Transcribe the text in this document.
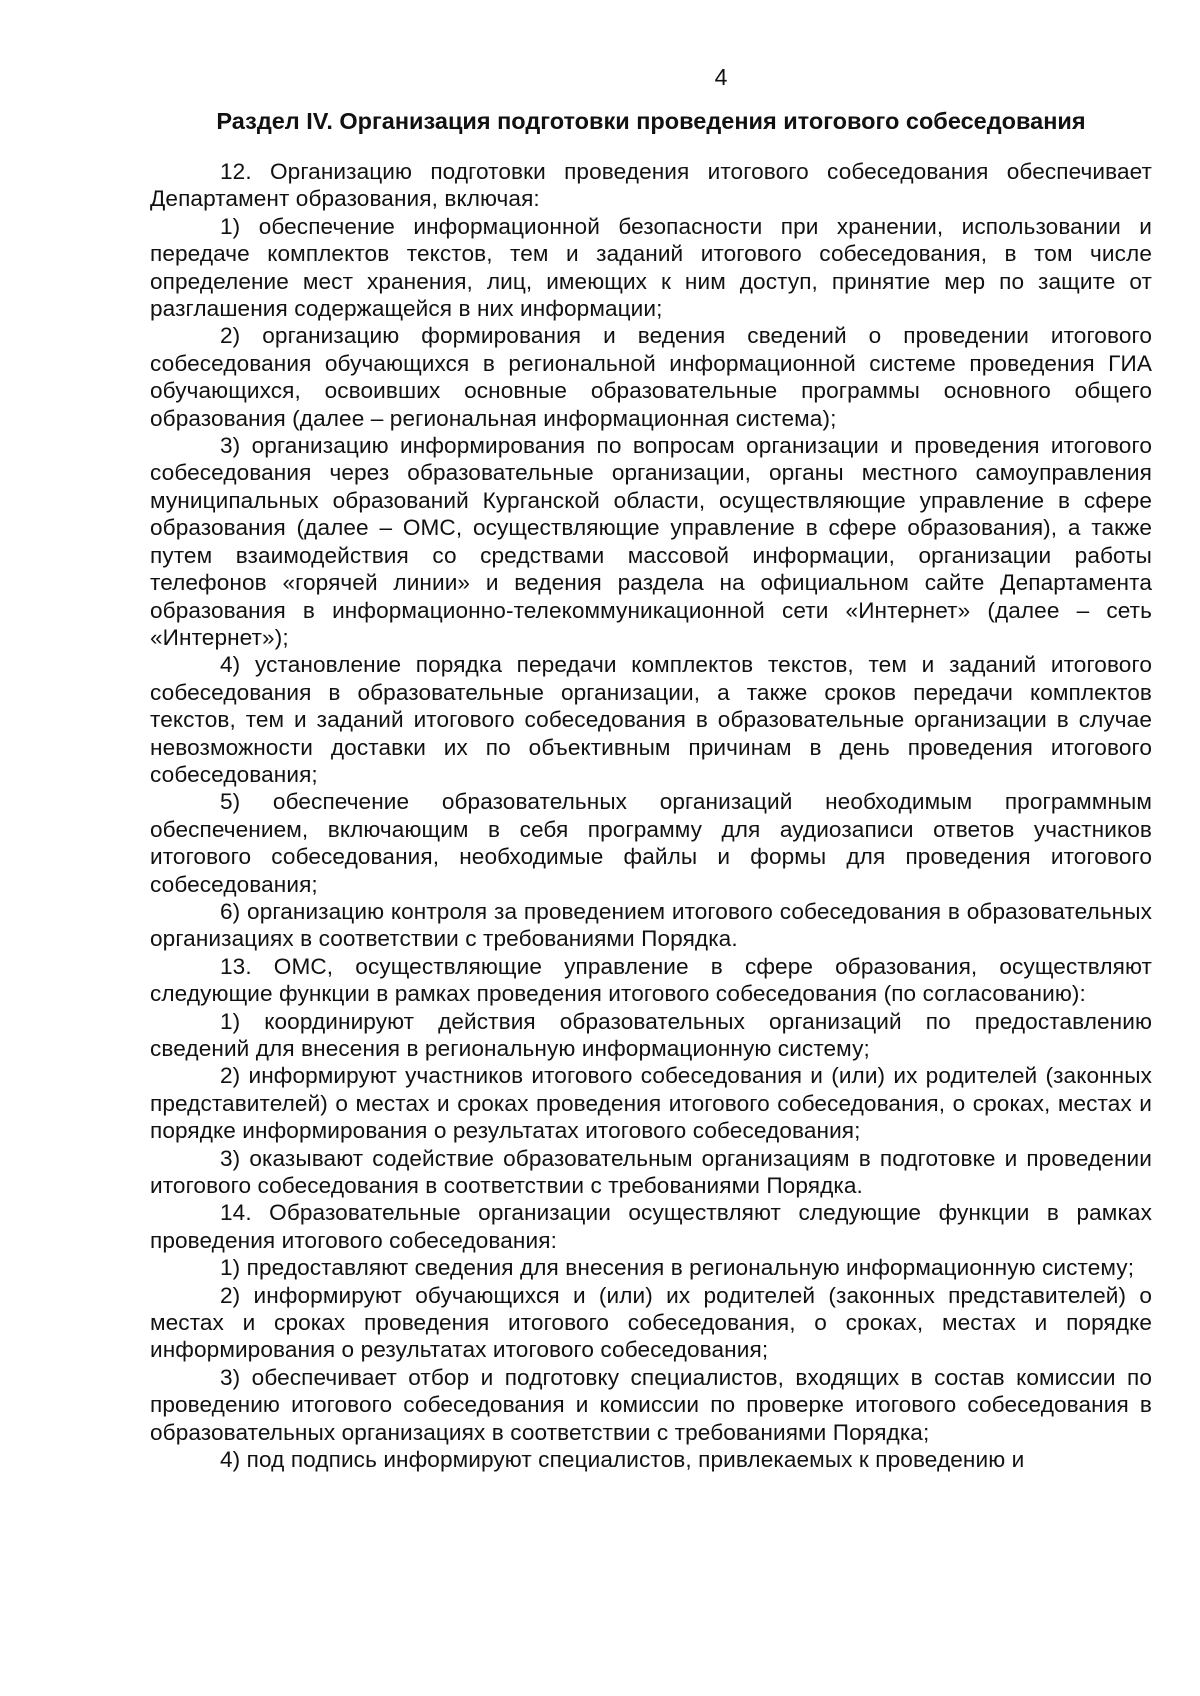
4
Раздел IV. Организация подготовки проведения итогового собеседования

12. Организацию подготовки проведения итогового собеседования обеспечивает Департамент образования, включая:

1) обеспечение информационной безопасности при хранении, использовании и передаче комплектов текстов, тем и заданий итогового собеседования, в том числе определение мест хранения, лиц, имеющих к ним доступ, принятие мер по защите от разглашения содержащейся в них информации;

2) организацию формирования и ведения сведений о проведении итогового собеседования обучающихся в региональной информационной системе проведения ГИА обучающихся, освоивших основные образовательные программы основного общего образования (далее – региональная информационная система);

3) организацию информирования по вопросам организации и проведения итогового собеседования через образовательные организации, органы местного самоуправления муниципальных образований Курганской области, осуществляющие управление в сфере образования (далее – ОМС, осуществляющие управление в сфере образования), а также путем взаимодействия со средствами массовой информации, организации работы телефонов «горячей линии» и ведения раздела на официальном сайте Департамента образования в информационно-телекоммуникационной сети «Интернет» (далее – сеть «Интернет»);

4) установление порядка передачи комплектов текстов, тем и заданий итогового собеседования в образовательные организации, а также сроков передачи комплектов текстов, тем и заданий итогового собеседования в образовательные организации в случае невозможности доставки их по объективным причинам в день проведения итогового собеседования;

5) обеспечение образовательных организаций необходимым программным обеспечением, включающим в себя программу для аудиозаписи ответов участников итогового собеседования, необходимые файлы и формы для проведения итогового собеседования;

6) организацию контроля за проведением итогового собеседования в образовательных организациях в соответствии с требованиями Порядка.

13. ОМС, осуществляющие управление в сфере образования, осуществляют следующие функции в рамках проведения итогового собеседования (по согласованию):

1) координируют действия образовательных организаций по предоставлению сведений для внесения в региональную информационную систему;

2) информируют участников итогового собеседования и (или) их родителей (законных представителей) о местах и сроках проведения итогового собеседования, о сроках, местах и порядке информирования о результатах итогового собеседования;

3) оказывают содействие образовательным организациям в подготовке и проведении итогового собеседования в соответствии с требованиями Порядка.

14. Образовательные организации осуществляют следующие функции в рамках проведения итогового собеседования:

1) предоставляют сведения для внесения в региональную информационную систему;

2) информируют обучающихся и (или) их родителей (законных представителей) о местах и сроках проведения итогового собеседования, о сроках, местах и порядке информирования о результатах итогового собеседования;

3) обеспечивает отбор и подготовку специалистов, входящих в состав комиссии по проведению итогового собеседования и комиссии по проверке итогового собеседования в образовательных организациях в соответствии с требованиями Порядка;

4) под подпись информируют специалистов, привлекаемых к проведению и
